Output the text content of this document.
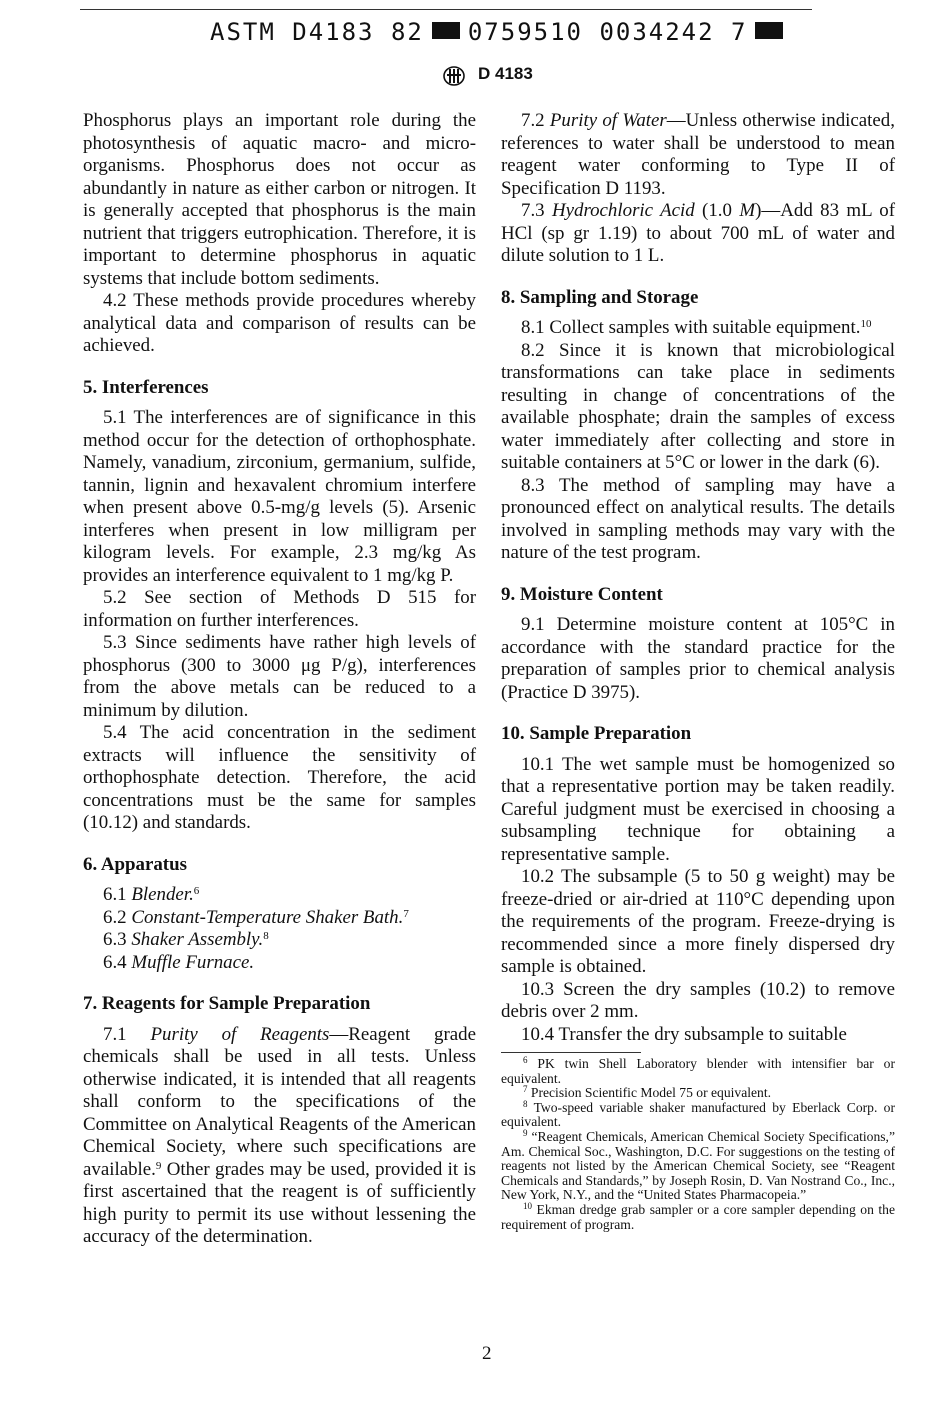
ASTM D4183 82 0759510 0034242 7
D 4183

Phosphorus plays an important role during the photosynthesis of aquatic macro- and micro-organisms. Phosphorus does not occur as abundantly in nature as either carbon or nitrogen. It is generally accepted that phosphorus is the main nutrient that triggers eutrophication. Therefore, it is important to determine phosphorus in aquatic systems that include bottom sediments.

4.2 These methods provide procedures whereby analytical data and comparison of results can be achieved.

5. Interferences

5.1 The interferences are of significance in this method occur for the detection of orthophosphate. Namely, vanadium, zirconium, germanium, sulfide, tannin, lignin and hexavalent chromium interfere when present above 0.5-mg/g levels (5). Arsenic interferes when present in low milligram per kilogram levels. For example, 2.3 mg/kg As provides an interference equivalent to 1 mg/kg P.

5.2 See section of Methods D 515 for information on further interferences.

5.3 Since sediments have rather high levels of phosphorus (300 to 3000 μg P/g), interferences from the above metals can be reduced to a minimum by dilution.

5.4 The acid concentration in the sediment extracts will influence the sensitivity of orthophosphate detection. Therefore, the acid concentrations must be the same for samples (10.12) and standards.

6. Apparatus
6.1 Blender.$^6$
6.2 Constant-Temperature Shaker Bath.$^7$
6.3 Shaker Assembly.$^8$
6.4 Muffle Furnace.
7. Reagents for Sample Preparation

7.1 Purity of Reagents—Reagent grade chemicals shall be used in all tests. Unless otherwise indicated, it is intended that all reagents shall conform to the specifications of the Committee on Analytical Reagents of the American Chemical Society, where such specifications are available.$^9$ Other grades may be used, provided it is first ascertained that the reagent is of sufficiently high purity to permit its use without lessening the accuracy of the determination.

7.2 Purity of Water—Unless otherwise indicated, references to water shall be understood to mean reagent water conforming to Type II of Specification D 1193.

7.3 Hydrochloric Acid (1.0 M)—Add 83 mL of HCl (sp gr 1.19) to about 700 mL of water and dilute solution to 1 L.

8. Sampling and Storage

8.1 Collect samples with suitable equipment.$^{10}$

8.2 Since it is known that microbiological transformations can take place in sediments resulting in change of concentrations of the available phosphate; drain the samples of excess water immediately after collecting and store in suitable containers at 5°C or lower in the dark (6).

8.3 The method of sampling may have a pronounced effect on analytical results. The details involved in sampling methods may vary with the nature of the test program.

9. Moisture Content

9.1 Determine moisture content at 105°C in accordance with the standard practice for the preparation of samples prior to chemical analysis (Practice D 3975).

10. Sample Preparation

10.1 The wet sample must be homogenized so that a representative portion may be taken readily. Careful judgment must be exercised in choosing a subsampling technique for obtaining a representative sample.

10.2 The subsample (5 to 50 g weight) may be freeze-dried or air-dried at 110°C depending upon the requirements of the program. Freeze-drying is recommended since a more finely dispersed dry sample is obtained.

10.3 Screen the dry samples (10.2) to remove debris over 2 mm.

10.4 Transfer the dry subsample to suitable

$^6$ PK twin Shell Laboratory blender with intensifier bar or equivalent.

$^7$ Precision Scientific Model 75 or equivalent.

$^8$ Two-speed variable shaker manufactured by Eberlack Corp. or equivalent.

$^9$ “Reagent Chemicals, American Chemical Society Specifications,” Am. Chemical Soc., Washington, D.C. For suggestions on the testing of reagents not listed by the American Chemical Society, see “Reagent Chemicals and Standards,” by Joseph Rosin, D. Van Nostrand Co., Inc., New York, N.Y., and the “United States Pharmacopeia.”

$^{10}$ Ekman dredge grab sampler or a core sampler depending on the requirement of program.

2
